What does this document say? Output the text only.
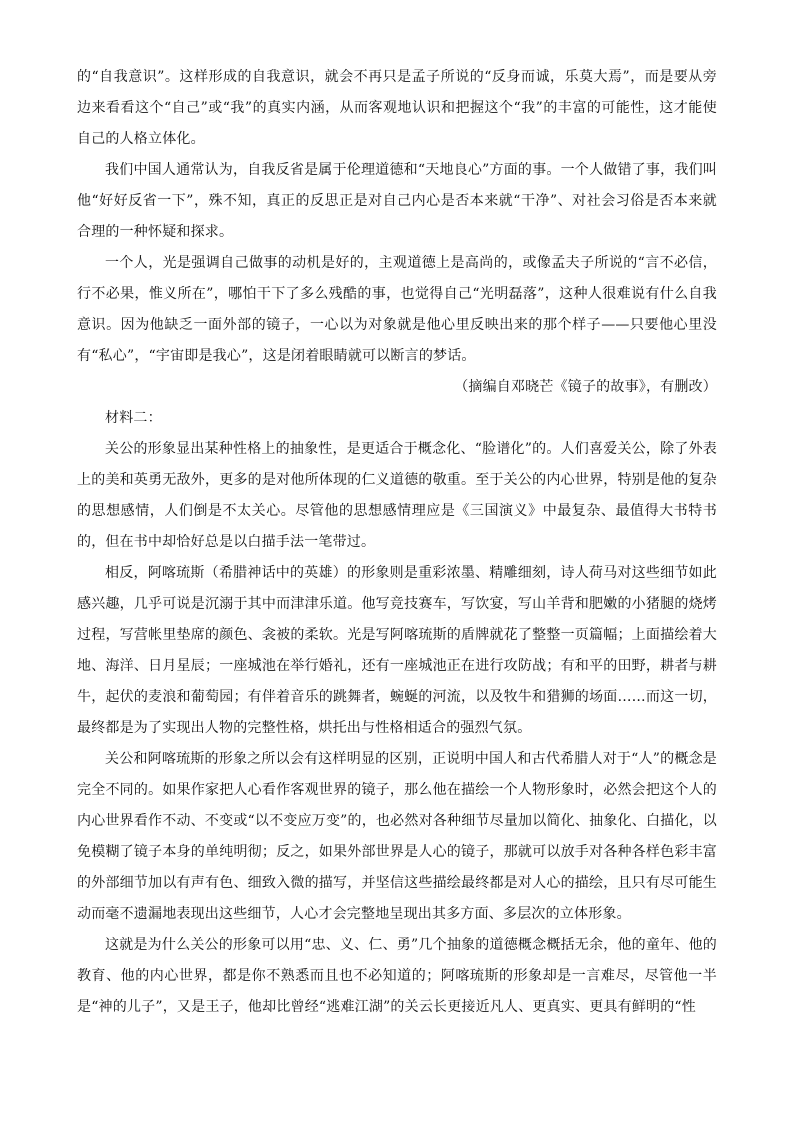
的“自我意识”。这样形成的自我意识，就会不再只是孟子所说的“反身而诚，乐莫大焉”，而是要从旁边来看看这个“自己”或“我”的真实内涵，从而客观地认识和把握这个“我”的丰富的可能性，这才能使自己的人格立体化。

我们中国人通常认为，自我反省是属于伦理道德和“天地良心”方面的事。一个人做错了事，我们叫他“好好反省一下”，殊不知，真正的反思正是对自己内心是否本来就“干净”、对社会习俗是否本来就合理的一种怀疑和探求。

一个人，光是强调自己做事的动机是好的，主观道德上是高尚的，或像孟夫子所说的“言不必信，行不必果，惟义所在”，哪怕干下了多么残酷的事，也觉得自己“光明磊落”，这种人很难说有什么自我意识。因为他缺乏一面外部的镜子，一心以为对象就是他心里反映出来的那个样子——只要他心里没有“私心”，“宇宙即是我心”，这是闭着眼睛就可以断言的梦话。

（摘编自邓晓芒《镜子的故事》，有删改）

材料二：

关公的形象显出某种性格上的抽象性，是更适合于概念化、“脸谱化”的。人们喜爱关公，除了外表上的美和英勇无敌外，更多的是对他所体现的仁义道德的敬重。至于关公的内心世界，特别是他的复杂的思想感情，人们倒是不太关心。尽管他的思想感情理应是《三国演义》中最复杂、最值得大书特书的，但在书中却恰好总是以白描手法一笔带过。

相反，阿喀琉斯（希腊神话中的英雄）的形象则是重彩浓墨、精雕细刻，诗人荷马对这些细节如此感兴趣，几乎可说是沉溺于其中而津津乐道。他写竞技赛车，写饮宴，写山羊背和肥嫩的小猪腿的烧烤过程，写营帐里垫席的颜色、衾被的柔软。光是写阿喀琉斯的盾牌就花了整整一页篇幅；上面描绘着大地、海洋、日月星辰；一座城池在举行婚礼，还有一座城池正在进行攻防战；有和平的田野，耕者与耕牛，起伏的麦浪和葡萄园；有伴着音乐的跳舞者，蜿蜒的河流，以及牧牛和猎狮的场面……而这一切，最终都是为了实现出人物的完整性格，烘托出与性格相适合的强烈气氛。

关公和阿喀琉斯的形象之所以会有这样明显的区别，正说明中国人和古代希腊人对于“人”的概念是完全不同的。如果作家把人心看作客观世界的镜子，那么他在描绘一个人物形象时，必然会把这个人的内心世界看作不动、不变或“以不变应万变”的，也必然对各种细节尽量加以简化、抽象化、白描化，以免模糊了镜子本身的单纯明彻；反之，如果外部世界是人心的镜子，那就可以放手对各种各样色彩丰富的外部细节加以有声有色、细致入微的描写，并坚信这些描绘最终都是对人心的描绘，且只有尽可能生动而毫不遗漏地表现出这些细节，人心才会完整地呈现出其多方面、多层次的立体形象。

这就是为什么关公的形象可以用“忠、义、仁、勇”几个抽象的道德概念概括无余，他的童年、他的教育、他的内心世界，都是你不熟悉而且也不必知道的；阿喀琉斯的形象却是一言难尽，尽管他一半是“神的儿子”，又是王子，他却比曾经“逃难江湖”的关云长更接近凡人、更真实、更具有鲜明的“性
